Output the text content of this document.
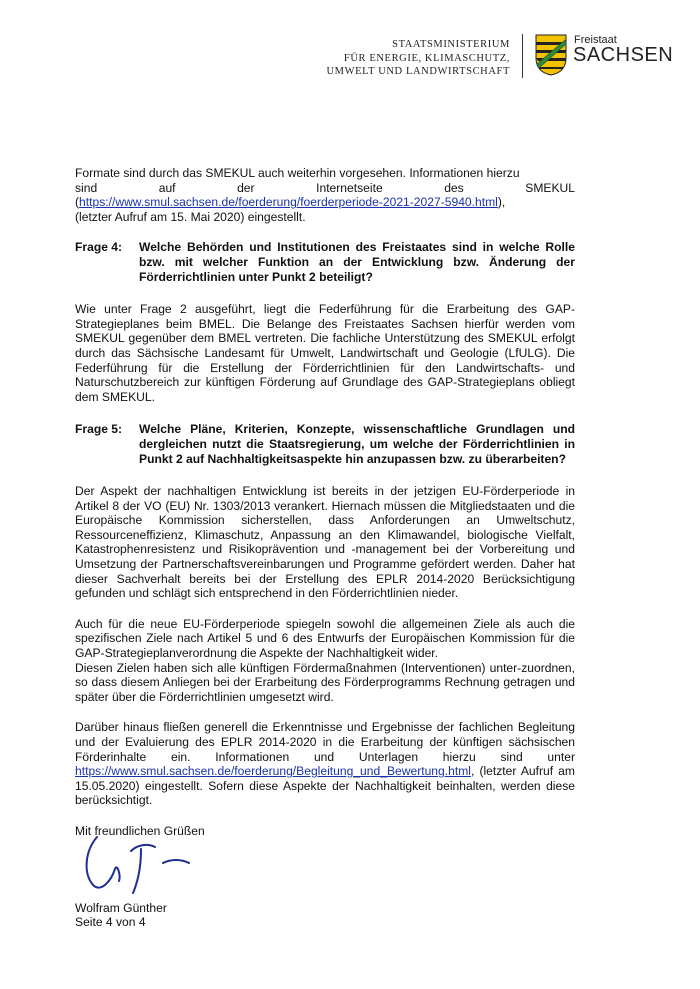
STAATSMINISTERIUM
FÜR ENERGIE, KLIMASCHUTZ,
UMWELT UND LANDWIRTSCHAFT
Freistaat
SACHSEN

Formate sind durch das SMEKUL auch weiterhin vorgesehen. Informationen hierzu

sind auf der Internetseite des SMEKUL

(https://www.smul.sachsen.de/foerderung/foerderperiode-2021-2027-5940.html),

(letzter Aufruf am 15. Mai 2020) eingestellt.

Frage 4:	Welche Behörden und Institutionen des Freistaates sind in welche Rolle bzw. mit welcher Funktion an der Entwicklung bzw. Änderung der Förderrichtlinien unter Punkt 2 beteiligt?

Wie unter Frage 2 ausgeführt, liegt die Federführung für die Erarbeitung des GAP-Strategieplanes beim BMEL. Die Belange des Freistaates Sachsen hierfür werden vom SMEKUL gegenüber dem BMEL vertreten. Die fachliche Unterstützung des SMEKUL erfolgt durch das Sächsische Landesamt für Umwelt, Landwirtschaft und Geologie (LfULG). Die Federführung für die Erstellung der Förderrichtlinien für den Landwirtschafts- und Naturschutzbereich zur künftigen Förderung auf Grundlage des GAP-Strategieplans obliegt dem SMEKUL.

Frage 5:	Welche Pläne, Kriterien, Konzepte, wissenschaftliche Grundlagen und dergleichen nutzt die Staatsregierung, um welche der Förderrichtlinien in Punkt 2 auf Nachhaltigkeitsaspekte hin anzupassen bzw. zu überarbeiten?

Der Aspekt der nachhaltigen Entwicklung ist bereits in der jetzigen EU-Förderperiode in Artikel 8 der VO (EU) Nr. 1303/2013 verankert. Hiernach müssen die Mitgliedstaaten und die Europäische Kommission sicherstellen, dass Anforderungen an Umweltschutz, Ressourceneffizienz, Klimaschutz, Anpassung an den Klimawandel, biologische Vielfalt, Katastrophenresistenz und Risikoprävention und -management bei der Vorbereitung und Umsetzung der Partnerschaftsvereinbarungen und Programme gefördert werden. Daher hat dieser Sachverhalt bereits bei der Erstellung des EPLR 2014-2020 Berücksichtigung gefunden und schlägt sich entsprechend in den Förderrichtlinien nieder.

Auch für die neue EU-Förderperiode spiegeln sowohl die allgemeinen Ziele als auch die spezifischen Ziele nach Artikel 5 und 6 des Entwurfs der Europäischen Kommission für die GAP-Strategieplanverordnung die Aspekte der Nachhaltigkeit wider.

Diesen Zielen haben sich alle künftigen Fördermaßnahmen (Interventionen) unter-zuordnen, so dass diesem Anliegen bei der Erarbeitung des Förderprogramms Rechnung getragen und später über die Förderrichtlinien umgesetzt wird.

Darüber hinaus fließen generell die Erkenntnisse und Ergebnisse der fachlichen Begleitung und der Evaluierung des EPLR 2014-2020 in die Erarbeitung der künftigen sächsischen Förderinhalte ein. Informationen und Unterlagen hierzu sind unter https://www.smul.sachsen.de/foerderung/Begleitung_und_Bewertung.html, (letzter Aufruf am 15.05.2020) eingestellt. Sofern diese Aspekte der Nachhaltigkeit beinhalten, werden diese berücksichtigt.

Mit freundlichen Grüßen

Wolfram Günther

Seite 4 von 4
